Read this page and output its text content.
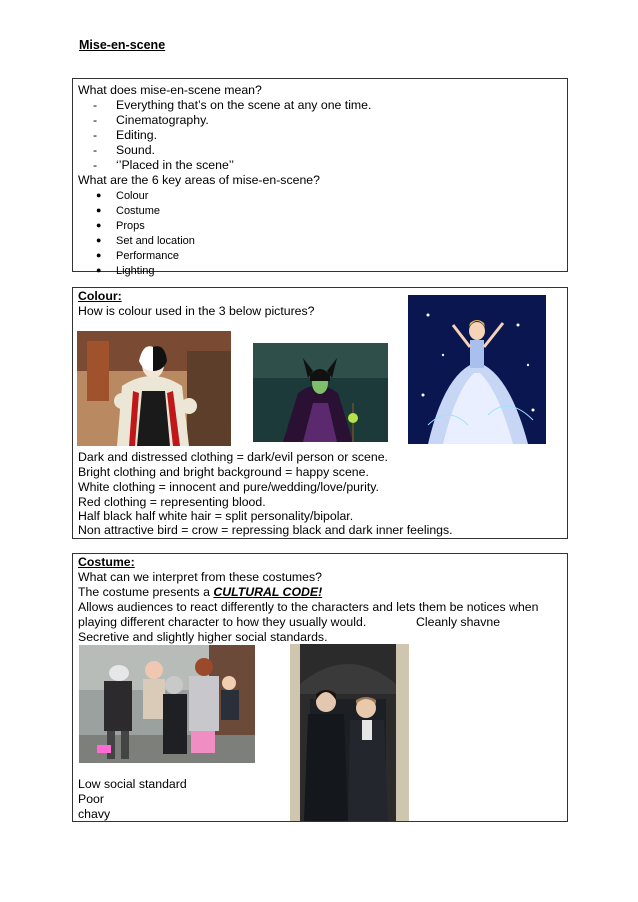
Mise-en-scene
What does mise-en-scene mean?
- Everything that’s on the scene at any one time.
- Cinematography.
- Editing.
- Sound.
- ‘’Placed in the scene’’
What are the 6 key areas of mise-en-scene?
● Colour
● Costume
● Props
● Set and location
● Performance
● Lighting
Colour:
How is colour used in the 3 below pictures?
Dark and distressed clothing = dark/evil person or scene.
Bright clothing and bright background = happy scene.
White clothing = innocent and pure/wedding/love/purity.
Red clothing = representing blood.
Half black half white hair = split personality/bipolar.
Non attractive bird = crow = repressing black and dark inner feelings.
Costume:
What can we interpret from these costumes?
The costume presents a CULTURAL CODE!
Allows audiences to react differently to the characters and lets them be notices when
playing different character to how they usually would.	Cleanly shavne
Secretive and slightly higher social standards.
Low social standard
Poor
chavy
